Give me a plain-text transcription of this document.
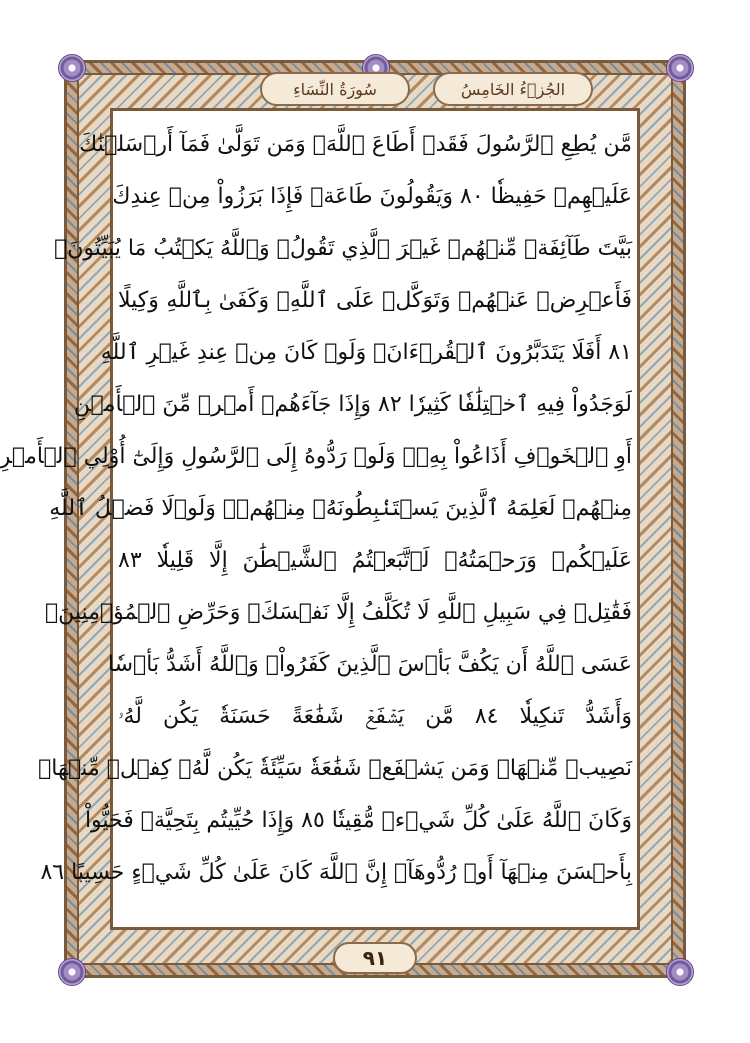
الجُزۡءُ الخَامِسُ
سُورَةُ النِّسَاءِ
مَّن يُطِعِ ٱلرَّسُولَ فَقَدۡ أَطَاعَ ٱللَّهَۖ وَمَن تَوَلَّىٰ فَمَآ أَرۡسَلۡنَٰكَ
عَلَيۡهِمۡ حَفِيظٗا ٨٠ وَيَقُولُونَ طَاعَةٞ فَإِذَا بَرَزُواْ مِنۡ عِندِكَ
بَيَّتَ طَآئِفَةٞ مِّنۡهُمۡ غَيۡرَ ٱلَّذِي تَقُولُۖ وَٱللَّهُ يَكۡتُبُ مَا يُبَيِّتُونَۖ
فَأَعۡرِضۡ عَنۡهُمۡ وَتَوَكَّلۡ عَلَى ٱللَّهِۚ وَكَفَىٰ بِٱللَّهِ وَكِيلًا
٨١ أَفَلَا يَتَدَبَّرُونَ ٱلۡقُرۡءَانَۚ وَلَوۡ كَانَ مِنۡ عِندِ غَيۡرِ ٱللَّهِ
لَوَجَدُواْ فِيهِ ٱخۡتِلَٰفٗا كَثِيرٗا ٨٢ وَإِذَا جَآءَهُمۡ أَمۡرٞ مِّنَ ٱلۡأَمۡنِ
أَوِ ٱلۡخَوۡفِ أَذَاعُواْ بِهِۦۖ وَلَوۡ رَدُّوهُ إِلَى ٱلرَّسُولِ وَإِلَىٰٓ أُوْلِي ٱلۡأَمۡرِ
مِنۡهُمۡ لَعَلِمَهُ ٱلَّذِينَ يَسۡتَنۢبِطُونَهُۥ مِنۡهُمۡۗ وَلَوۡلَا فَضۡلُ ٱللَّهِ
عَلَيۡكُمۡ وَرَحۡمَتُهُۥ لَٱتَّبَعۡتُمُ ٱلشَّيۡطَٰنَ إِلَّا قَلِيلٗا ٨٣
فَقَٰتِلۡ فِي سَبِيلِ ٱللَّهِ لَا تُكَلَّفُ إِلَّا نَفۡسَكَۚ وَحَرِّضِ ٱلۡمُؤۡمِنِينَۖ
عَسَى ٱللَّهُ أَن يَكُفَّ بَأۡسَ ٱلَّذِينَ كَفَرُواْۚ وَٱللَّهُ أَشَدُّ بَأۡسٗا
وَأَشَدُّ تَنكِيلٗا ٨٤ مَّن يَشۡفَعۡ شَفَٰعَةً حَسَنَةٗ يَكُن لَّهُۥ
نَصِيبٞ مِّنۡهَاۖ وَمَن يَشۡفَعۡ شَفَٰعَةٗ سَيِّئَةٗ يَكُن لَّهُۥ كِفۡلٞ مِّنۡهَاۗ
وَكَانَ ٱللَّهُ عَلَىٰ كُلِّ شَيۡءٖ مُّقِيتٗا ٨٥ وَإِذَا حُيِّيتُم بِتَحِيَّةٖ فَحَيُّواْ
بِأَحۡسَنَ مِنۡهَآ أَوۡ رُدُّوهَآۗ إِنَّ ٱللَّهَ كَانَ عَلَىٰ كُلِّ شَيۡءٍ حَسِيبًا ٨٦
٩١
